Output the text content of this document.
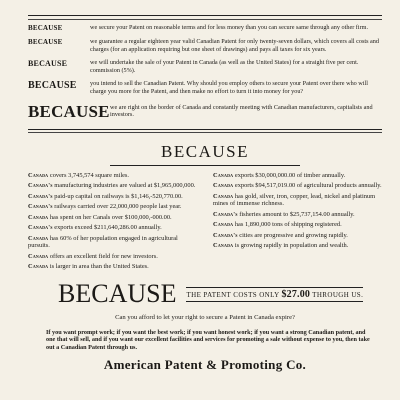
BECAUSE	we secure your Patent on reasonable terms and for less money than you can secure same through any other firm.
BECAUSE	we guarantee a regular eighteen year valid Canadian Patent for only twenty-seven dollars, which covers all costs and charges (for an application requiring but one sheet of drawings) and pays all taxes for six years.
BECAUSE	we will undertake the sale of your Patent in Canada (as well as the United States) for a straight five per cent. commission (5%).
BECAUSE	you intend to sell the Canadian Patent. Why should you employ others to secure your Patent over there who will charge you more for the Patent, and then make no effort to turn it into money for you?
BECAUSE we are right on the border of Canada and constantly meeting with Canadian manufacturers, capitalists and investors.
BECAUSE
Canada covers 3,745,574 square miles.
Canada's manufacturing industries are valued at $1,965,000,000.
Canada's paid-up capital on railways is $1,146,-520,770.00.
Canada's railways carried over 22,000,000 people last year.
Canada has spent on her Canals over $100,000,-000.00.
Canada's exports exceed $211,640,286.00 annually.
Canada has 60% of her population engaged in agricultural pursuits.
Canada offers an excellent field for new investors.
Canada is larger in area than the United States.
Canada exports $30,000,000.00 of timber annually.
Canada exports $94,517,019.00 of agricultural products annually.
Canada has gold, silver, iron, copper, lead, nickel and platinum mines of immense richness.
Canada's fisheries amount to $25,737,154.00 annually.
Canada has 1,890,000 tons of shipping registered.
Canada's cities are progressive and growing rapidly.
Canada is growing rapidly in population and wealth.
BECAUSE THE PATENT COSTS ONLY $27.00 THROUGH US.
Can you afford to let your right to secure a Patent in Canada expire?
If you want prompt work; if you want the best work; if you want honest work; if you want a strong Canadian patent, and one that will sell, and if you want our excellent facilities and services for promoting a sale without expense to you, then take out a Canadian Patent through us.
American Patent & Promoting Co.
